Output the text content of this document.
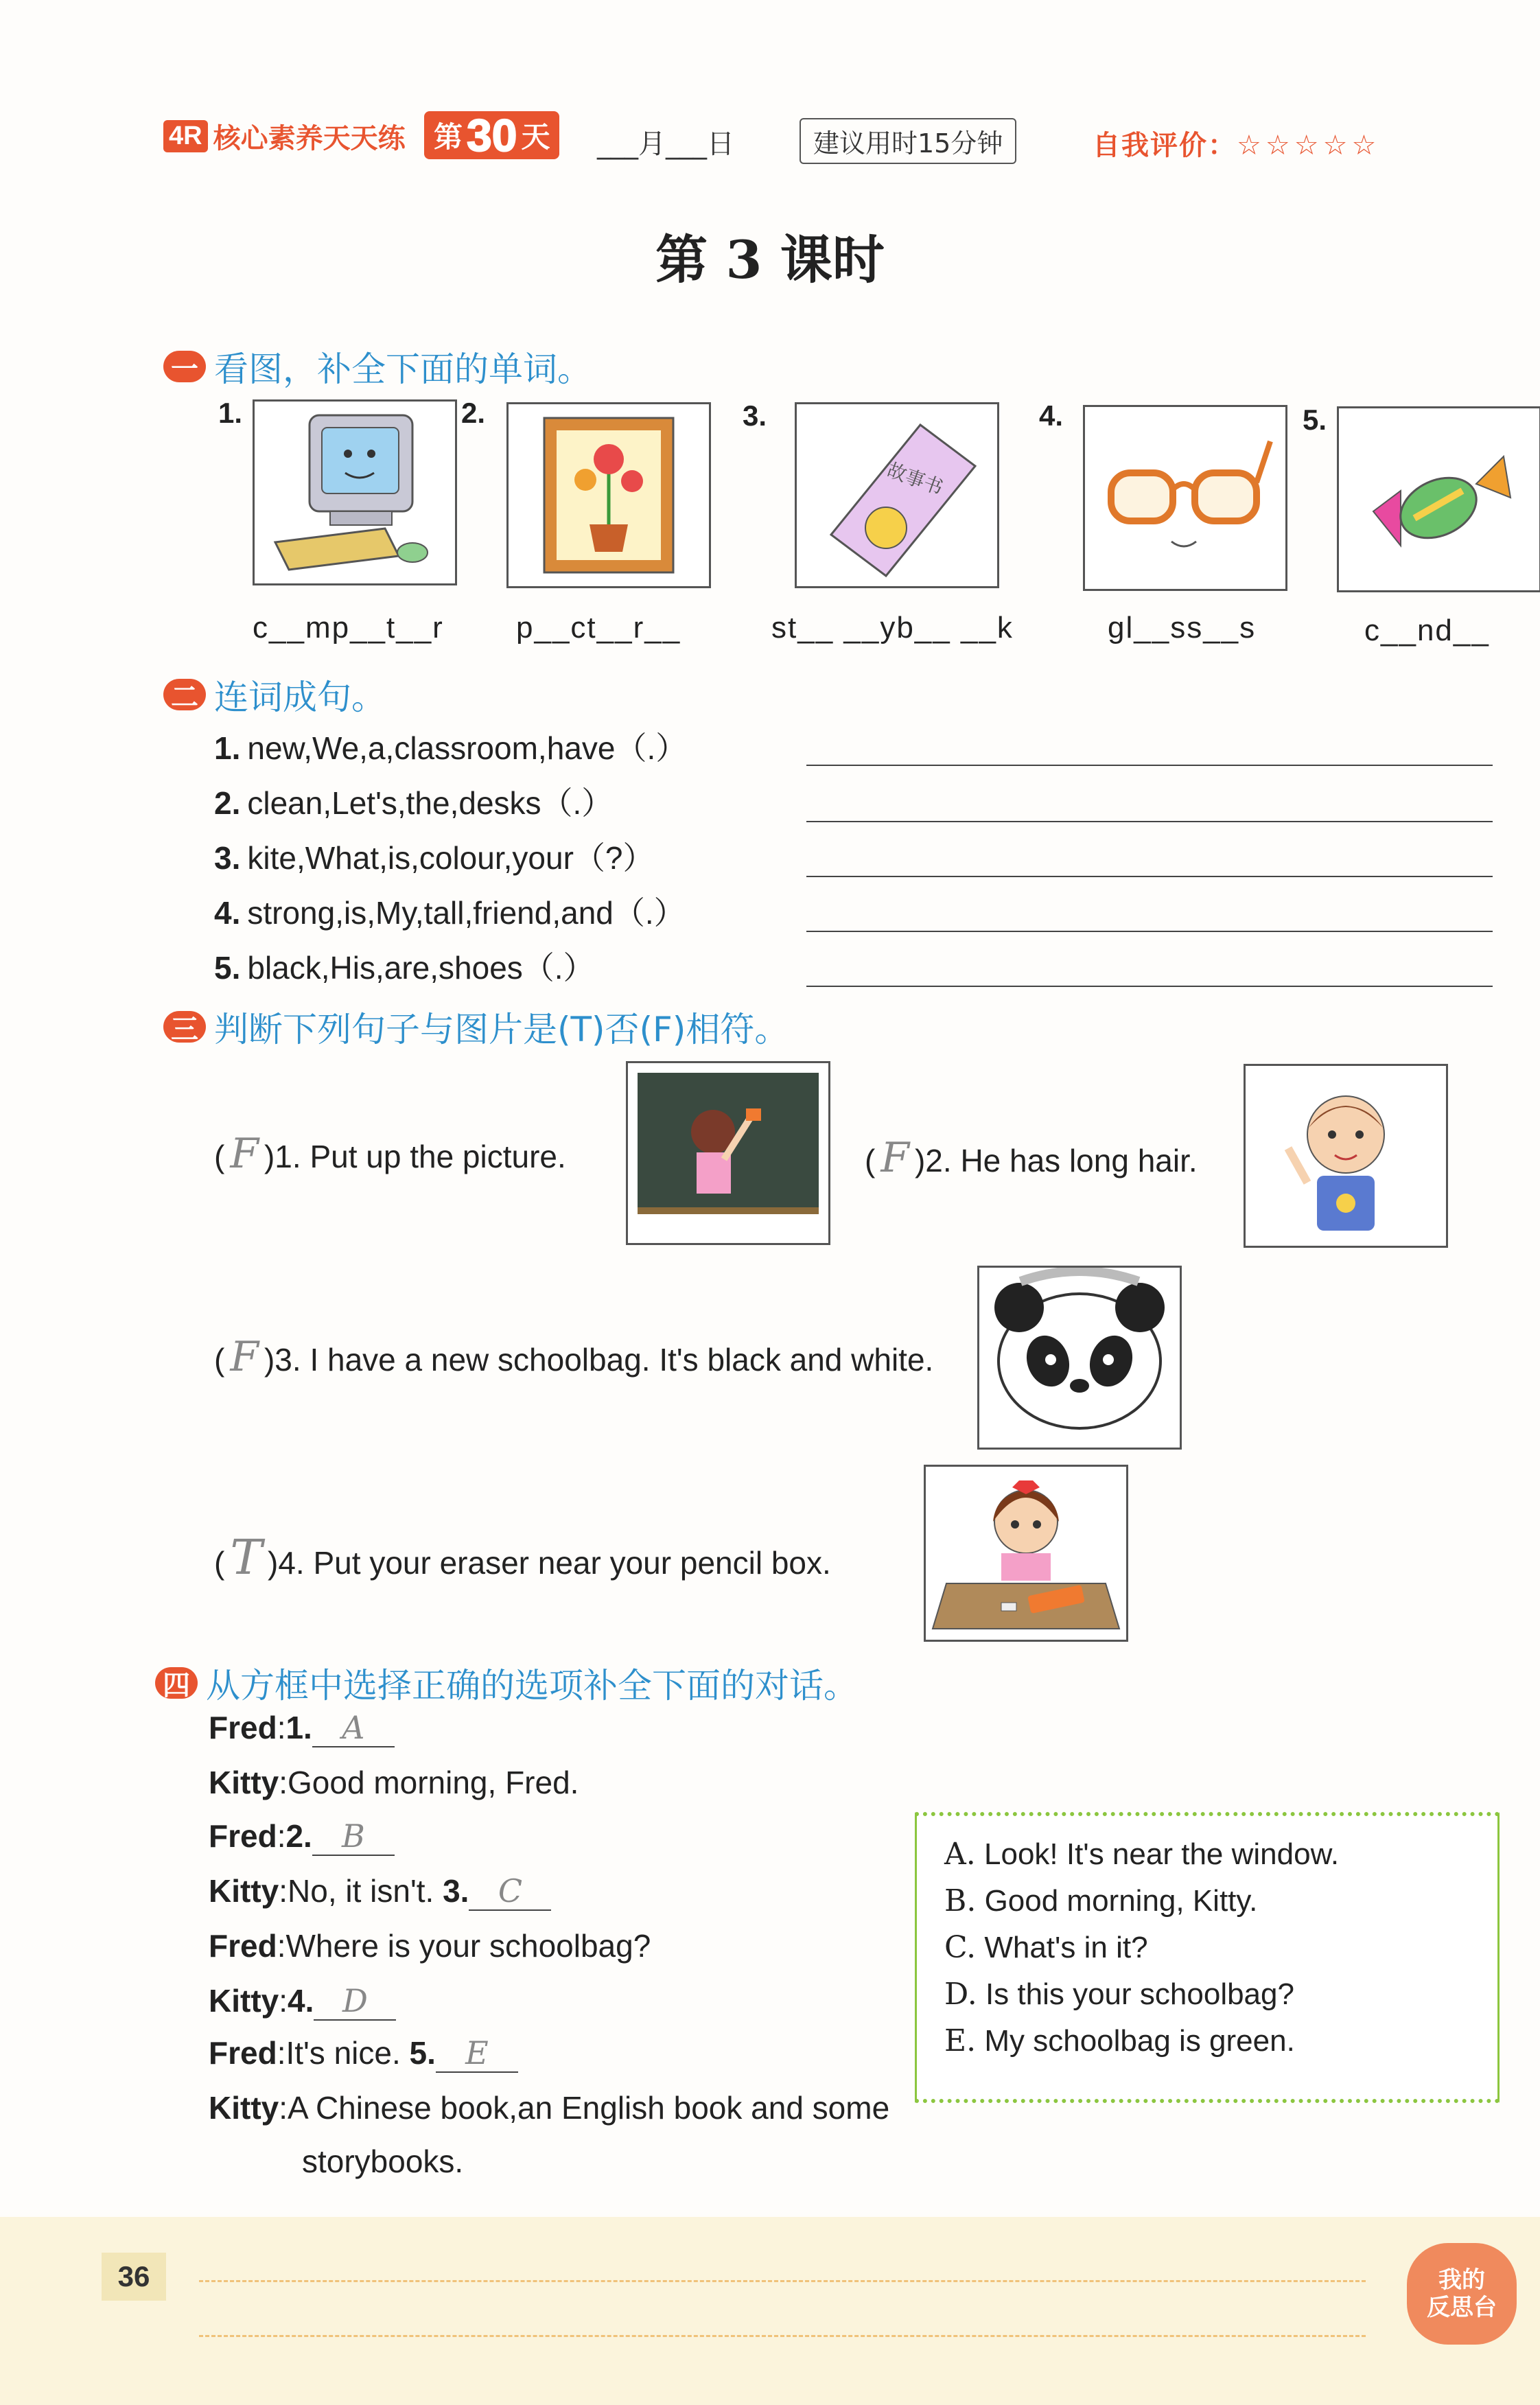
4R 核心素养天天练 第 30 天 ___月___日	建议用时15分钟	自我评价：☆☆☆☆☆
第 3 课时
一 看图，补全下面的单词。
1.
c__mp__t__r
2.
p__ct__r__
3.
故事书
st__ __yb__ __k
4.
gl__ss__s
5.
c__nd__
二 连词成句。
1. new,We,a,classroom,have（.）
2. clean,Let's,the,desks（.）
3. kite,What,is,colour,your（?）
4. strong,is,My,tall,friend,and（.）
5. black,His,are,shoes（.）
三 判断下列句子与图片是(T)否(F)相符。
( F )1. Put up the picture.	( F )2. He has long hair.
( F )3. I have a new schoolbag. It's black and white.
( T )4. Put your eraser near your pencil box.
四 从方框中选择正确的选项补全下面的对话。
Fred:1. A
Kitty:Good morning, Fred.
Fred:2. B
Kitty:No, it isn't. 3. C
Fred:Where is your schoolbag?
Kitty:4. D
Fred:It's nice. 5. E
Kitty:A Chinese book,an English book and some
storybooks.
A. Look! It's near the window.
B. Good morning, Kitty.
C. What's in it?
D. Is this your schoolbag?
E. My schoolbag is green.
36	我的
反思台
